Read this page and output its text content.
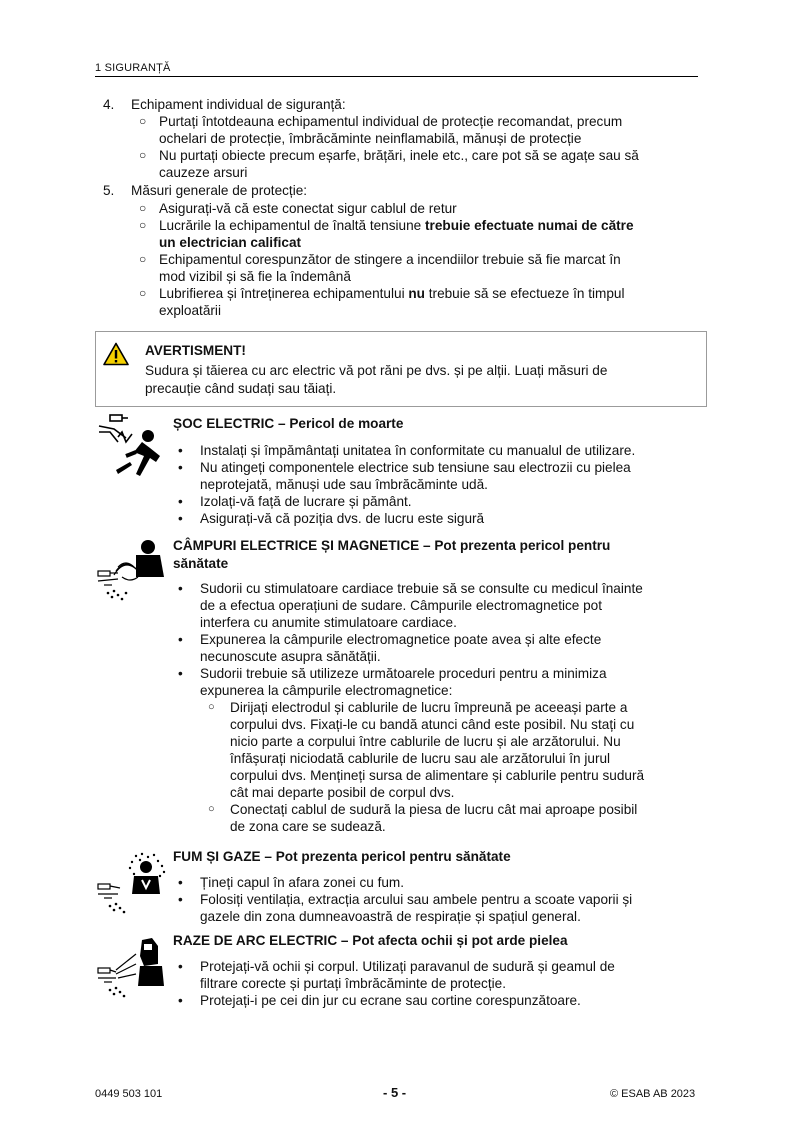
1 SIGURANȚĂ
4.	Echipament individual de siguranță:
○ Purtați întotdeauna echipamentul individual de protecție recomandat, precum
ochelari de protecție, îmbrăcăminte neinflamabilă, mănuși de protecție
○ Nu purtați obiecte precum eșarfe, brățări, inele etc., care pot să se agațe sau să
cauzeze arsuri
5.	Măsuri generale de protecție:
○ Asigurați-vă că este conectat sigur cablul de retur
○ Lucrările la echipamentul de înaltă tensiune trebuie efectuate numai de către
un electrician calificat
○ Echipamentul corespunzător de stingere a incendiilor trebuie să fie marcat în
mod vizibil și să fie la îndemână
○ Lubrifierea și întreținerea echipamentului nu trebuie să se efectueze în timpul
exploatării
AVERTISMENT!
Sudura și tăierea cu arc electric vă pot răni pe dvs. și pe alții. Luați măsuri de
precauție când sudați sau tăiați.
ȘOC ELECTRIC – Pericol de moarte
• Instalați și împământați unitatea în conformitate cu manualul de utilizare.
• Nu atingeți componentele electrice sub tensiune sau electrozii cu pielea
neprotejată, mănuși ude sau îmbrăcăminte udă.
• Izolați-vă față de lucrare și pământ.
• Asigurați-vă că poziția dvs. de lucru este sigură
CÂMPURI ELECTRICE ȘI MAGNETICE – Pot prezenta pericol pentru
sănătate
• Sudorii cu stimulatoare cardiace trebuie să se consulte cu medicul înainte
de a efectua operațiuni de sudare. Câmpurile electromagnetice pot
interfera cu anumite stimulatoare cardiace.
• Expunerea la câmpurile electromagnetice poate avea și alte efecte
necunoscute asupra sănătății.
• Sudorii trebuie să utilizeze următoarele proceduri pentru a minimiza
expunerea la câmpurile electromagnetice:
○ Dirijați electrodul și cablurile de lucru împreună pe aceeași parte a
corpului dvs. Fixați-le cu bandă atunci când este posibil. Nu stați cu
nicio parte a corpului între cablurile de lucru și ale arzătorului. Nu
înfășurați niciodată cablurile de lucru sau ale arzătorului în jurul
corpului dvs. Mențineți sursa de alimentare și cablurile pentru sudură
cât mai departe posibil de corpul dvs.
○ Conectați cablul de sudură la piesa de lucru cât mai aproape posibil
de zona care se sudează.
FUM ȘI GAZE – Pot prezenta pericol pentru sănătate
• Țineți capul în afara zonei cu fum.
• Folosiți ventilația, extracția arcului sau ambele pentru a scoate vaporii și
gazele din zona dumneavoastră de respirație și spațiul general.
RAZE DE ARC ELECTRIC – Pot afecta ochii și pot arde pielea
• Protejați-vă ochii și corpul. Utilizați paravanul de sudură și geamul de
filtrare corecte și purtați îmbrăcăminte de protecție.
• Protejați-i pe cei din jur cu ecrane sau cortine corespunzătoare.
0449 503 101	- 5 -	© ESAB AB 2023
